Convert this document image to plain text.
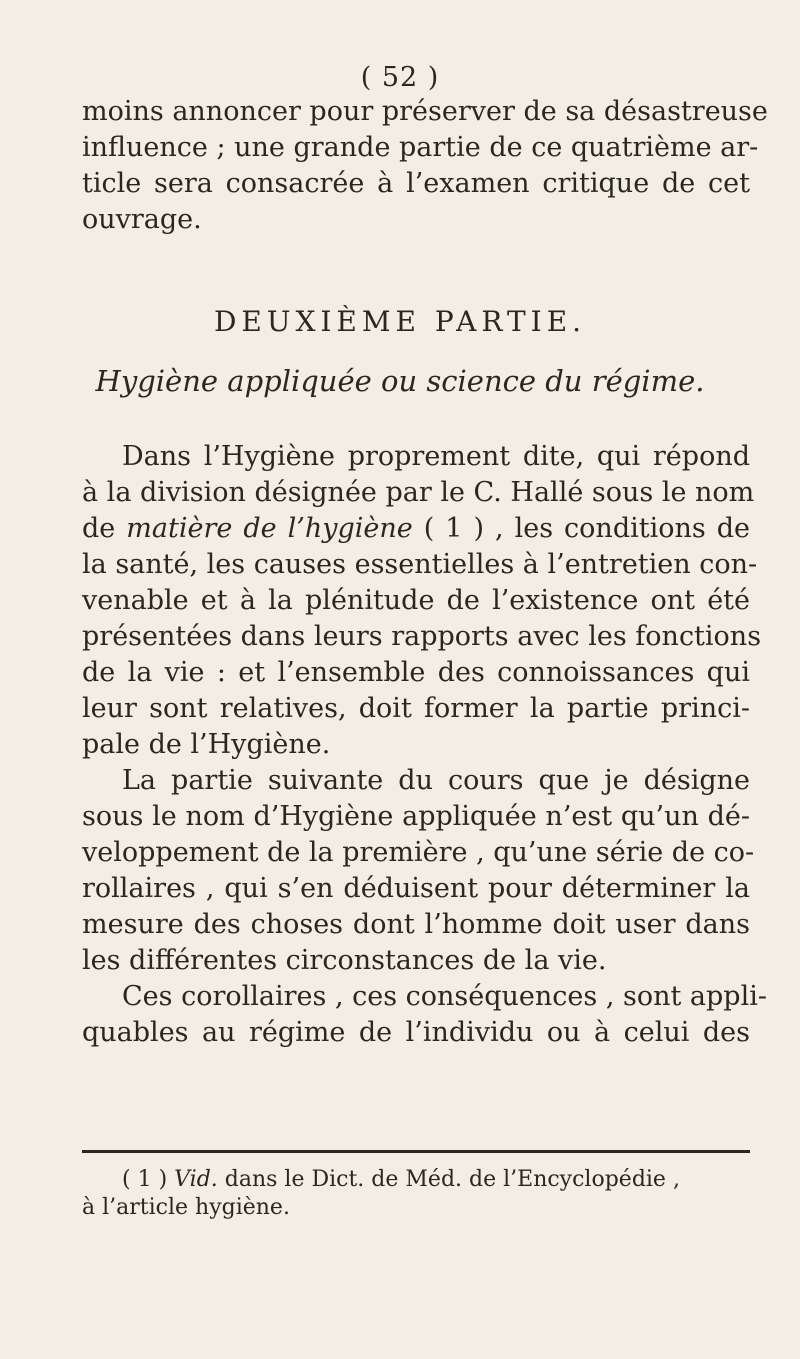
( 52 )
moins annoncer pour préserver de sa désastreuse
influence ; une grande partie de ce quatrième ar-
ticle sera consacrée à l’examen critique de cet
ouvrage.
DEUXIÈME PARTIE.
Hygiène appliquée ou science du régime.
Dans l’Hygiène proprement dite, qui répond
à la division désignée par le C. Hallé sous le nom
de matière de l’hygiène ( 1 ) , les conditions de
la santé, les causes essentielles à l’entretien con-
venable et à la plénitude de l’existence ont été
présentées dans leurs rapports avec les fonctions
de la vie : et l’ensemble des connoissances qui
leur sont relatives, doit former la partie princi-
pale de l’Hygiène.
La partie suivante du cours que je désigne
sous le nom d’Hygiène appliquée n’est qu’un dé-
veloppement de la première , qu’une série de co-
rollaires , qui s’en déduisent pour déterminer la
mesure des choses dont l’homme doit user dans
les différentes circonstances de la vie.
Ces corollaires , ces conséquences , sont appli-
quables au régime de l’individu ou à celui des
( 1 ) Vid. dans le Dict. de Méd. de l’Encyclopédie ,
à l’article hygiène.
